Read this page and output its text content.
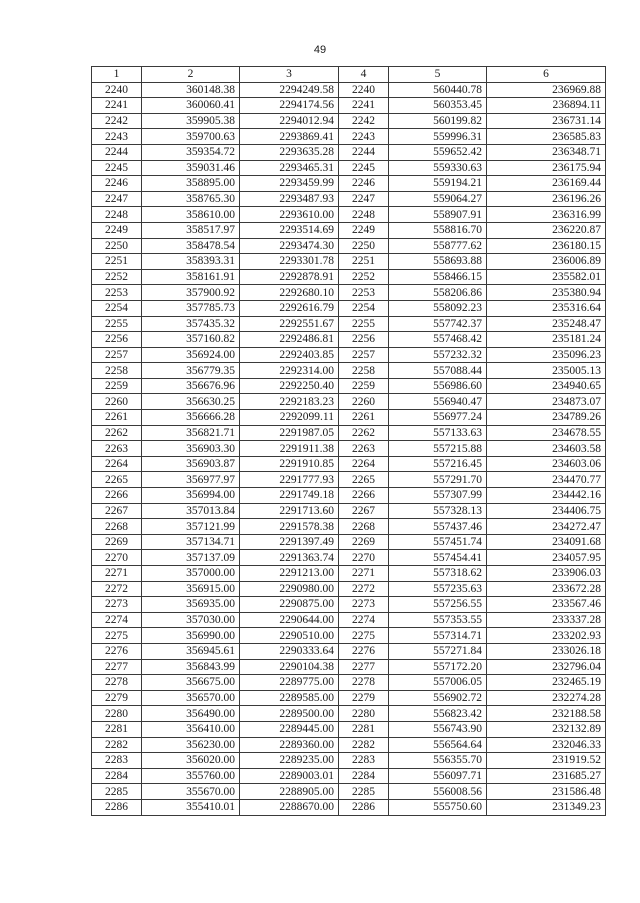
49
1	2	3	4	5	6
2240	360148.38	2294249.58	2240	560440.78	236969.88
2241	360060.41	2294174.56	2241	560353.45	236894.11
2242	359905.38	2294012.94	2242	560199.82	236731.14
2243	359700.63	2293869.41	2243	559996.31	236585.83
2244	359354.72	2293635.28	2244	559652.42	236348.71
2245	359031.46	2293465.31	2245	559330.63	236175.94
2246	358895.00	2293459.99	2246	559194.21	236169.44
2247	358765.30	2293487.93	2247	559064.27	236196.26
2248	358610.00	2293610.00	2248	558907.91	236316.99
2249	358517.97	2293514.69	2249	558816.70	236220.87
2250	358478.54	2293474.30	2250	558777.62	236180.15
2251	358393.31	2293301.78	2251	558693.88	236006.89
2252	358161.91	2292878.91	2252	558466.15	235582.01
2253	357900.92	2292680.10	2253	558206.86	235380.94
2254	357785.73	2292616.79	2254	558092.23	235316.64
2255	357435.32	2292551.67	2255	557742.37	235248.47
2256	357160.82	2292486.81	2256	557468.42	235181.24
2257	356924.00	2292403.85	2257	557232.32	235096.23
2258	356779.35	2292314.00	2258	557088.44	235005.13
2259	356676.96	2292250.40	2259	556986.60	234940.65
2260	356630.25	2292183.23	2260	556940.47	234873.07
2261	356666.28	2292099.11	2261	556977.24	234789.26
2262	356821.71	2291987.05	2262	557133.63	234678.55
2263	356903.30	2291911.38	2263	557215.88	234603.58
2264	356903.87	2291910.85	2264	557216.45	234603.06
2265	356977.97	2291777.93	2265	557291.70	234470.77
2266	356994.00	2291749.18	2266	557307.99	234442.16
2267	357013.84	2291713.60	2267	557328.13	234406.75
2268	357121.99	2291578.38	2268	557437.46	234272.47
2269	357134.71	2291397.49	2269	557451.74	234091.68
2270	357137.09	2291363.74	2270	557454.41	234057.95
2271	357000.00	2291213.00	2271	557318.62	233906.03
2272	356915.00	2290980.00	2272	557235.63	233672.28
2273	356935.00	2290875.00	2273	557256.55	233567.46
2274	357030.00	2290644.00	2274	557353.55	233337.28
2275	356990.00	2290510.00	2275	557314.71	233202.93
2276	356945.61	2290333.64	2276	557271.84	233026.18
2277	356843.99	2290104.38	2277	557172.20	232796.04
2278	356675.00	2289775.00	2278	557006.05	232465.19
2279	356570.00	2289585.00	2279	556902.72	232274.28
2280	356490.00	2289500.00	2280	556823.42	232188.58
2281	356410.00	2289445.00	2281	556743.90	232132.89
2282	356230.00	2289360.00	2282	556564.64	232046.33
2283	356020.00	2289235.00	2283	556355.70	231919.52
2284	355760.00	2289003.01	2284	556097.71	231685.27
2285	355670.00	2288905.00	2285	556008.56	231586.48
2286	355410.01	2288670.00	2286	555750.60	231349.23
